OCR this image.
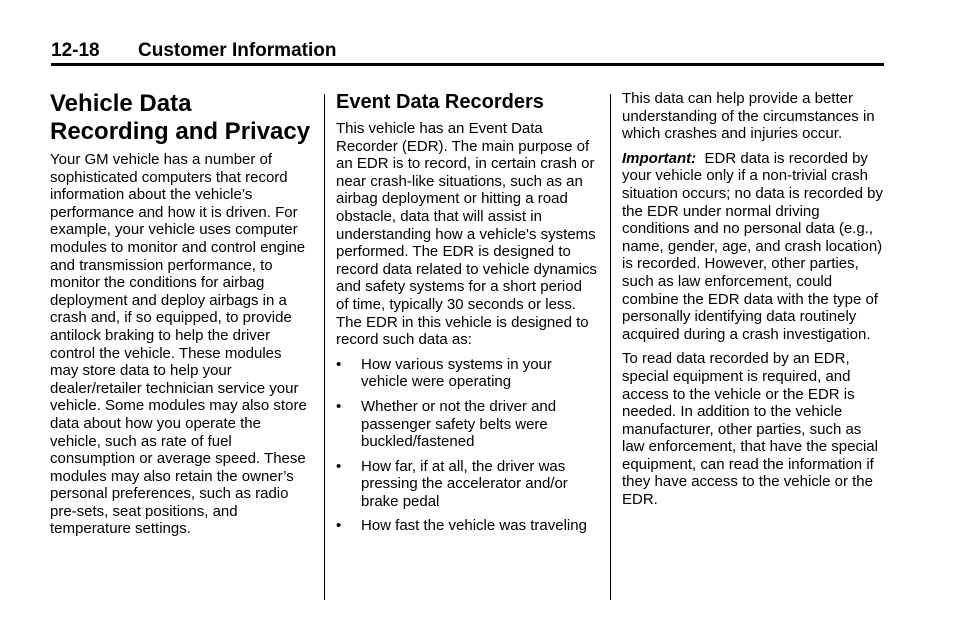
12-18 Customer Information
Vehicle Data Recording and Privacy

Your GM vehicle has a number of sophisticated computers that record information about the vehicle’s performance and how it is driven. For example, your vehicle uses computer modules to monitor and control engine and transmission performance, to monitor the conditions for airbag deployment and deploy airbags in a crash and, if so equipped, to provide antilock braking to help the driver control the vehicle. These modules may store data to help your dealer/retailer technician service your vehicle. Some modules may also store data about how you operate the vehicle, such as rate of fuel consumption or average speed. These modules may also retain the owner’s personal preferences, such as radio pre-sets, seat positions, and temperature settings.

Event Data Recorders

This vehicle has an Event Data Recorder (EDR). The main purpose of an EDR is to record, in certain crash or near crash-like situations, such as an airbag deployment or hitting a road obstacle, data that will assist in understanding how a vehicle's systems performed. The EDR is designed to record data related to vehicle dynamics and safety systems for a short period of time, typically 30 seconds or less. The EDR in this vehicle is designed to record such data as:

• How various systems in your vehicle were operating
• Whether or not the driver and passenger safety belts were buckled/fastened
• How far, if at all, the driver was pressing the accelerator and/or brake pedal
• How fast the vehicle was traveling

This data can help provide a better understanding of the circumstances in which crashes and injuries occur.

Important: EDR data is recorded by your vehicle only if a non-trivial crash situation occurs; no data is recorded by the EDR under normal driving conditions and no personal data (e.g., name, gender, age, and crash location) is recorded. However, other parties, such as law enforcement, could combine the EDR data with the type of personally identifying data routinely acquired during a crash investigation.

To read data recorded by an EDR, special equipment is required, and access to the vehicle or the EDR is needed. In addition to the vehicle manufacturer, other parties, such as law enforcement, that have the special equipment, can read the information if they have access to the vehicle or the EDR.
